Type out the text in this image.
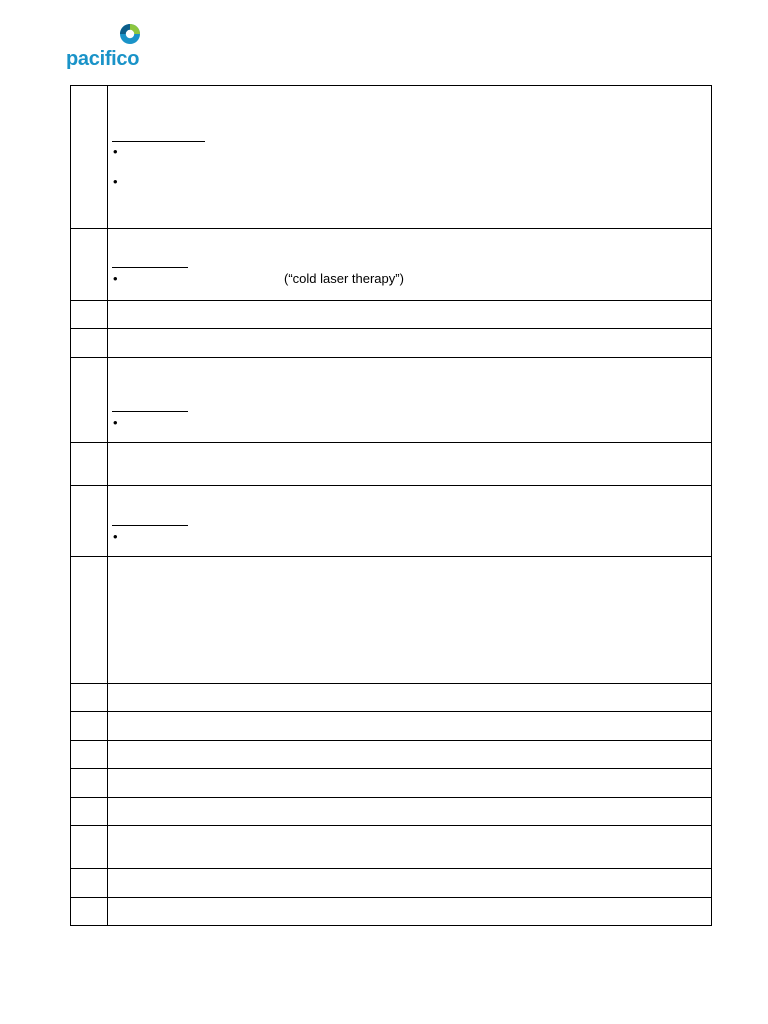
pacifico

	•
•

	• (“cold laser therapy”)

	•

	•
